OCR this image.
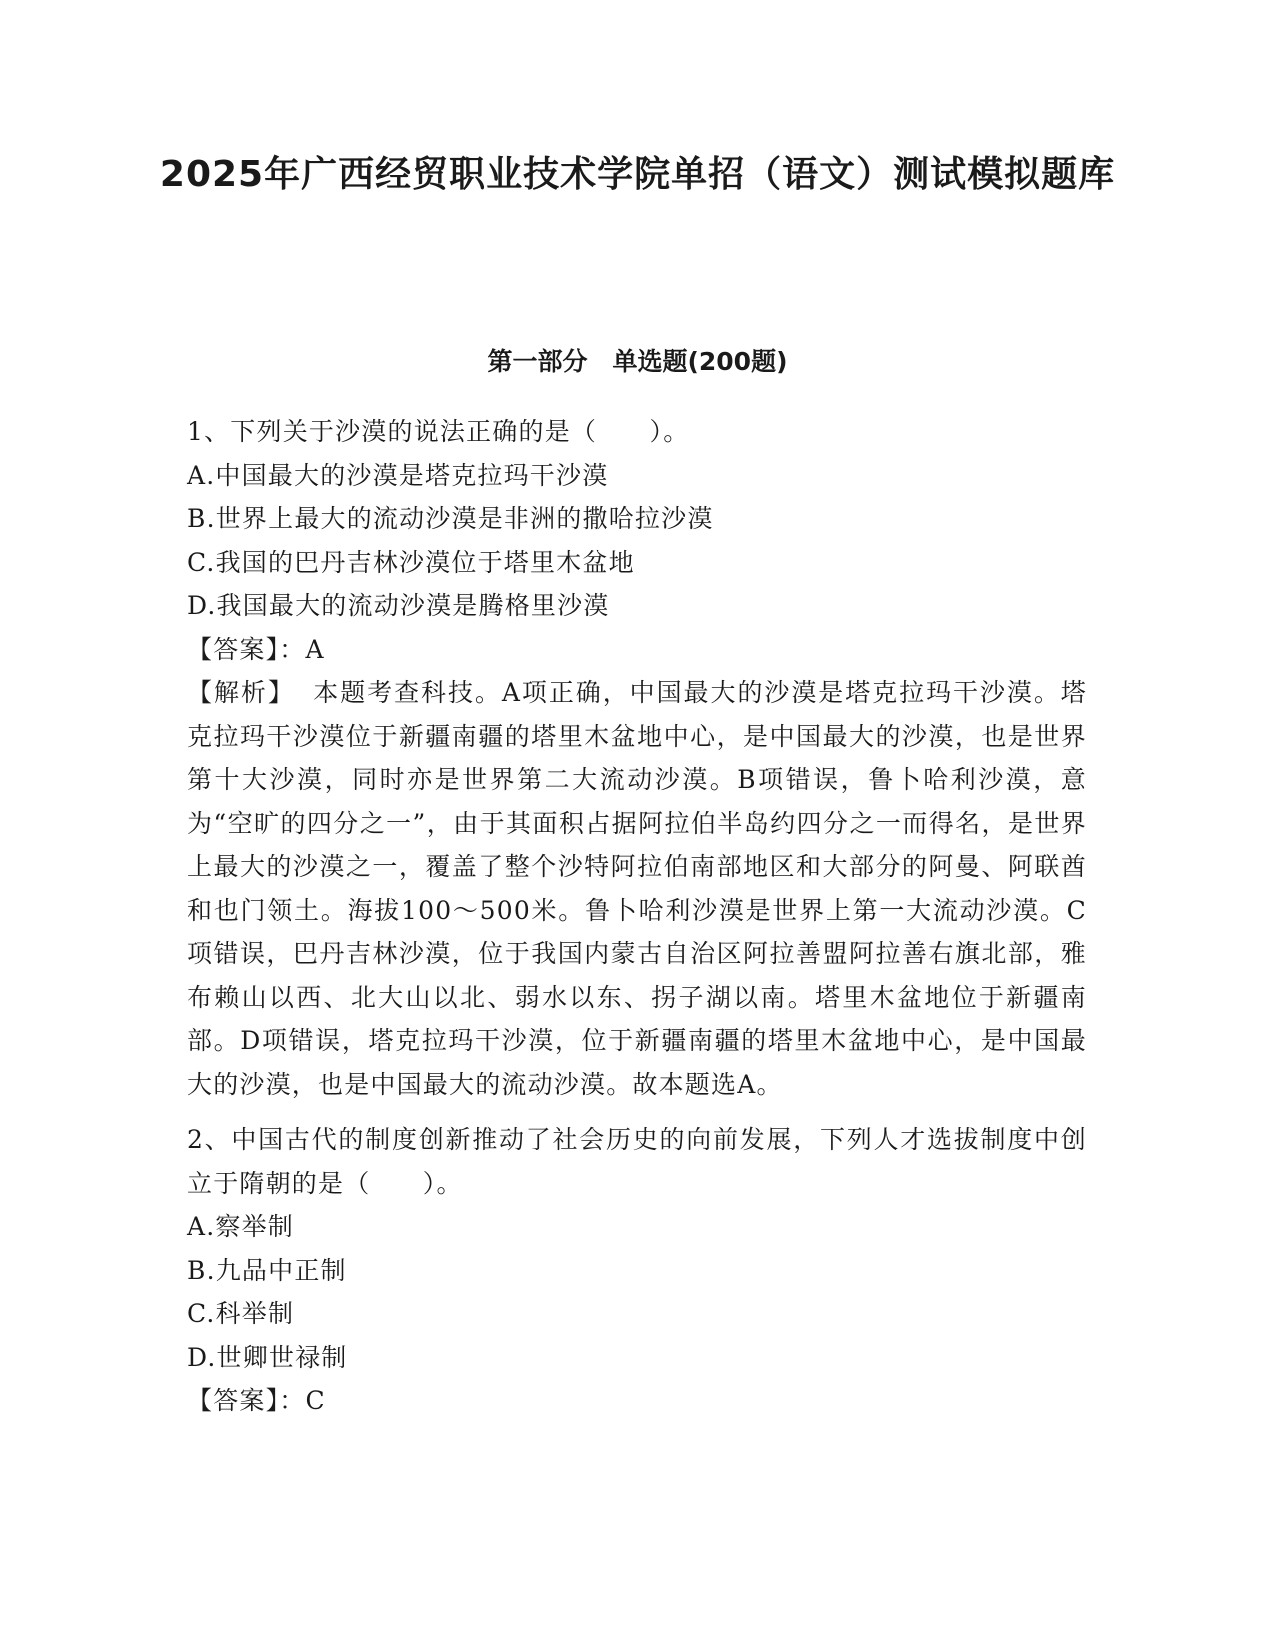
2025年广西经贸职业技术学院单招（语文）测试模拟题库
第一部分　单选题(200题)

1、下列关于沙漠的说法正确的是（　　）。

A.中国最大的沙漠是塔克拉玛干沙漠

B.世界上最大的流动沙漠是非洲的撒哈拉沙漠

C.我国的巴丹吉林沙漠位于塔里木盆地

D.我国最大的流动沙漠是腾格里沙漠

【答案】：A

【解析】　 本题考查科技。A项正确，中国最大的沙漠是塔克拉玛干沙漠。塔克拉玛干沙漠位于新疆南疆的塔里木盆地中心，是中国最大的沙漠，也是世界第十大沙漠，同时亦是世界第二大流动沙漠。B项错误，鲁卜哈利沙漠，意为“空旷的四分之一”，由于其面积占据阿拉伯半岛约四分之一而得名，是世界上最大的沙漠之一，覆盖了整个沙特阿拉伯南部地区和大部分的阿曼、阿联酋和也门领土。海拔100～500米。鲁卜哈利沙漠是世界上第一大流动沙漠。C项错误，巴丹吉林沙漠，位于我国内蒙古自治区阿拉善盟阿拉善右旗北部，雅布赖山以西、北大山以北、弱水以东、拐子湖以南。塔里木盆地位于新疆南部。D项错误，塔克拉玛干沙漠，位于新疆南疆的塔里木盆地中心，是中国最大的沙漠，也是中国最大的流动沙漠。故本题选A。

2、中国古代的制度创新推动了社会历史的向前发展，下列人才选拔制度中创立于隋朝的是（　　）。

A.察举制

B.九品中正制

C.科举制

D.世卿世禄制

【答案】：C
